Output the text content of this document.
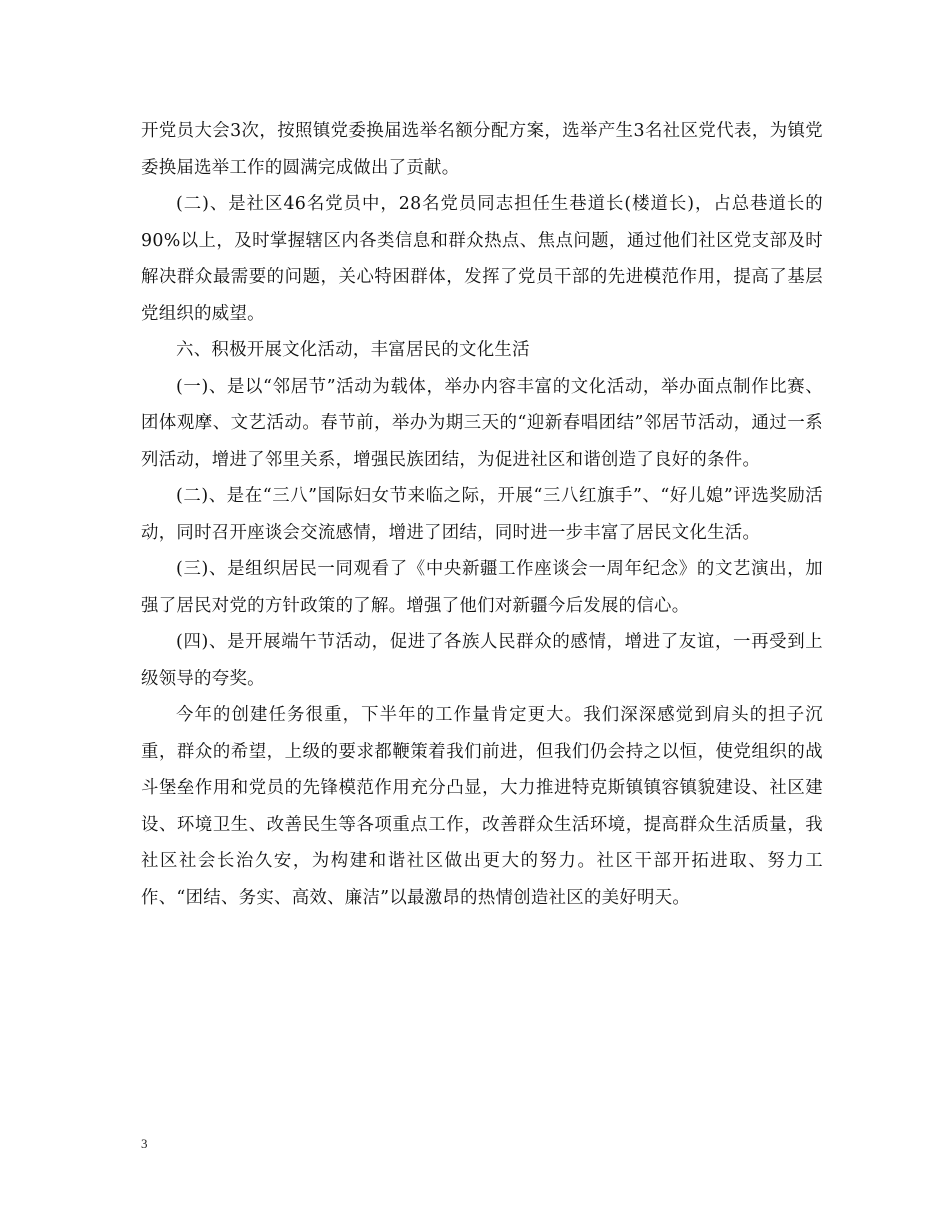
开党员大会3次，按照镇党委换届选举名额分配方案，选举产生3名社区党代表，为镇党委换届选举工作的圆满完成做出了贡献。

(二)、是社区46名党员中，28名党员同志担任生巷道长(楼道长)，占总巷道长的90%以上，及时掌握辖区内各类信息和群众热点、焦点问题，通过他们社区党支部及时解决群众最需要的问题，关心特困群体，发挥了党员干部的先进模范作用，提高了基层党组织的威望。

六、积极开展文化活动，丰富居民的文化生活

(一)、是以“邻居节”活动为载体，举办内容丰富的文化活动，举办面点制作比赛、团体观摩、文艺活动。春节前，举办为期三天的“迎新春唱团结”邻居节活动，通过一系列活动，增进了邻里关系，增强民族团结，为促进社区和谐创造了良好的条件。

(二)、是在“三八”国际妇女节来临之际，开展“三八红旗手”、“好儿媳”评选奖励活动，同时召开座谈会交流感情，增进了团结，同时进一步丰富了居民文化生活。

(三)、是组织居民一同观看了《中央新疆工作座谈会一周年纪念》的文艺演出，加强了居民对党的方针政策的了解。增强了他们对新疆今后发展的信心。

(四)、是开展端午节活动，促进了各族人民群众的感情，增进了友谊，一再受到上级领导的夸奖。

今年的创建任务很重，下半年的工作量肯定更大。我们深深感觉到肩头的担子沉重，群众的希望，上级的要求都鞭策着我们前进，但我们仍会持之以恒，使党组织的战斗堡垒作用和党员的先锋模范作用充分凸显，大力推进特克斯镇镇容镇貌建设、社区建设、环境卫生、改善民生等各项重点工作，改善群众生活环境，提高群众生活质量，我社区社会长治久安，为构建和谐社区做出更大的努力。社区干部开拓进取、努力工作、“团结、务实、高效、廉洁”以最激昂的热情创造社区的美好明天。

3
